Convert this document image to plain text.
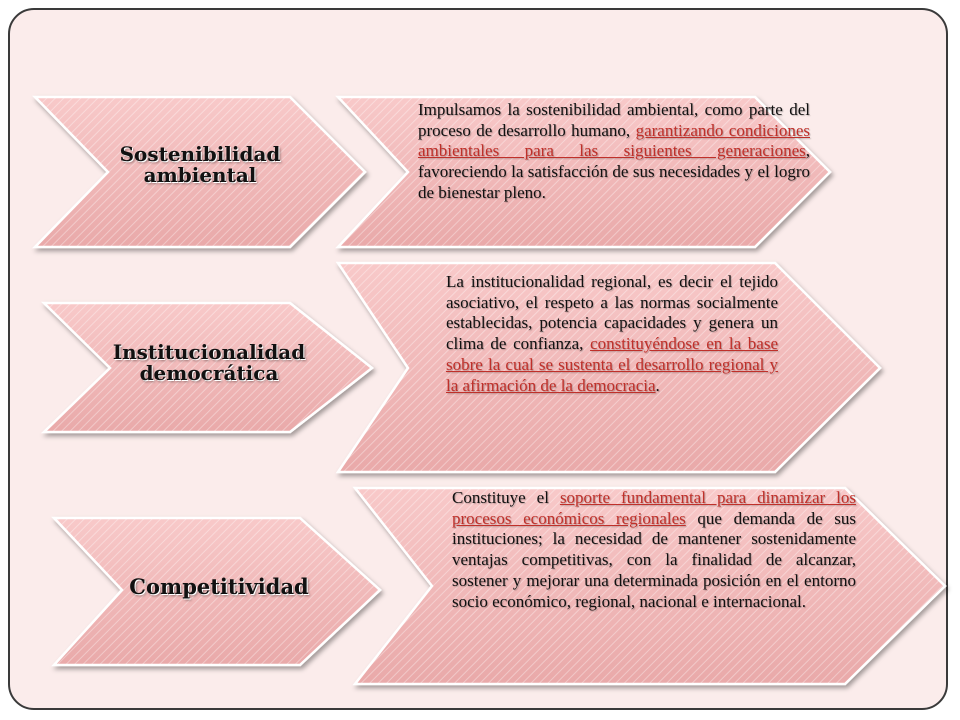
Sostenibilidad ambiental
Impulsamos la sostenibilidad ambiental, como parte del proceso de desarrollo humano, garantizando condiciones ambientales para las siguientes generaciones, favoreciendo la satisfacción de sus necesidades y el logro de bienestar pleno.
Institucionalidad democrática
La institucionalidad regional, es decir el tejido asociativo, el respeto a las normas socialmente establecidas, potencia capacidades y genera un clima de confianza, constituyéndose en la base sobre la cual se sustenta el desarrollo regional y la afirmación de la democracia.
Competitividad
Constituye el soporte fundamental para dinamizar los procesos económicos regionales que demanda de sus instituciones; la necesidad de mantener sostenidamente ventajas competitivas, con la finalidad de alcanzar, sostener y mejorar una determinada posición en el entorno socio económico, regional, nacional e internacional.
